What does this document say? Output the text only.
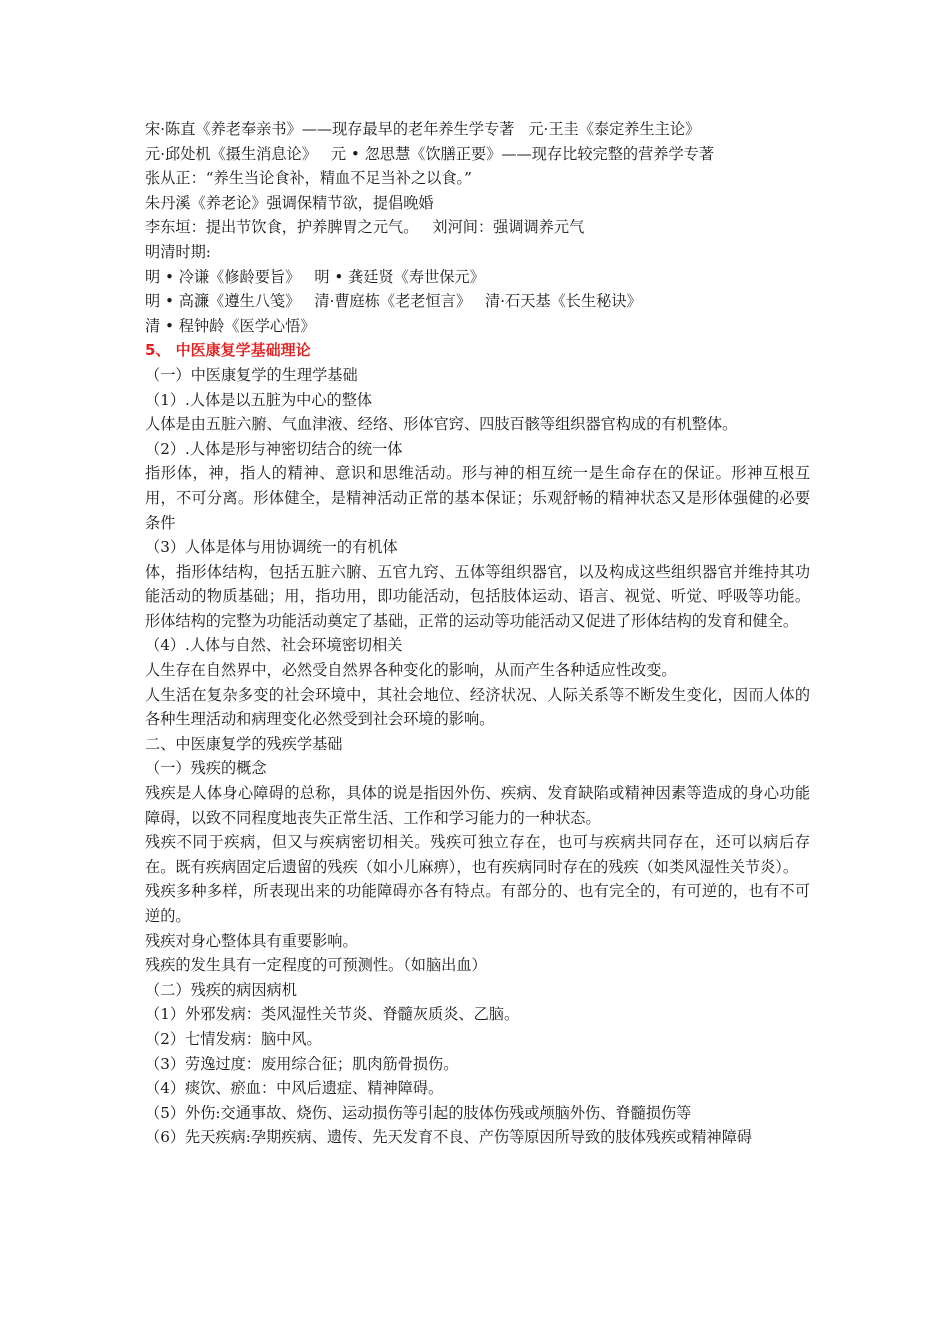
宋·陈直《养老奉亲书》——现存最早的老年养生学专著 元·王圭《泰定养生主论》
元·邱处机《摄生消息论》 元 • 忽思慧《饮膳正要》——现存比较完整的营养学专著
张从正：“养生当论食补，精血不足当补之以食。”
朱丹溪《养老论》强调保精节欲，提倡晚婚
李东垣：提出节饮食，护养脾胃之元气。 刘河间：强调调养元气
明清时期:
明 • 冷谦《修龄要旨》 明 • 龚廷贤《寿世保元》
明 • 高濂《遵生八笺》 清·曹庭栋《老老恒言》 清·石天基《长生秘诀》
清 • 程钟龄《医学心悟》
5、 中医康复学基础理论
（一）中医康复学的生理学基础
（1）.人体是以五脏为中心的整体
人体是由五脏六腑、气血津液、经络、形体官窍、四肢百骸等组织器官构成的有机整体。
（2）.人体是形与神密切结合的统一体
指形体，神，指人的精神、意识和思维活动。形与神的相互统一是生命存在的保证。形神互根互用，不可分离。形体健全，是精神活动正常的基本保证；乐观舒畅的精神状态又是形体强健的必要条件
（3）人体是体与用协调统一的有机体
体，指形体结构，包括五脏六腑、五官九窍、五体等组织器官，以及构成这些组织器官并维持其功能活动的物质基础；用，指功用，即功能活动，包括肢体运动、语言、视觉、听觉、呼吸等功能。形体结构的完整为功能活动奠定了基础，正常的运动等功能活动又促进了形体结构的发育和健全。
（4）.人体与自然、社会环境密切相关
人生存在自然界中，必然受自然界各种变化的影响，从而产生各种适应性改变。
人生活在复杂多变的社会环境中，其社会地位、经济状况、人际关系等不断发生变化，因而人体的各种生理活动和病理变化必然受到社会环境的影响。
二、中医康复学的残疾学基础
（一）残疾的概念
残疾是人体身心障碍的总称，具体的说是指因外伤、疾病、发育缺陷或精神因素等造成的身心功能障碍，以致不同程度地丧失正常生活、工作和学习能力的一种状态。
残疾不同于疾病，但又与疾病密切相关。残疾可独立存在，也可与疾病共同存在，还可以病后存在。既有疾病固定后遗留的残疾（如小儿麻痹），也有疾病同时存在的残疾（如类风湿性关节炎）。
残疾多种多样，所表现出来的功能障碍亦各有特点。有部分的、也有完全的，有可逆的，也有不可逆的。
残疾对身心整体具有重要影响。
残疾的发生具有一定程度的可预测性。（如脑出血）
（二）残疾的病因病机
（1）外邪发病：类风湿性关节炎、脊髓灰质炎、乙脑。
（2）七情发病：脑中风。
（3）劳逸过度：废用综合征；肌肉筋骨损伤。
（4）痰饮、瘀血：中风后遗症、精神障碍。
（5）外伤:交通事故、烧伤、运动损伤等引起的肢体伤残或颅脑外伤、脊髓损伤等
（6）先天疾病:孕期疾病、遗传、先天发育不良、产伤等原因所导致的肢体残疾或精神障碍
